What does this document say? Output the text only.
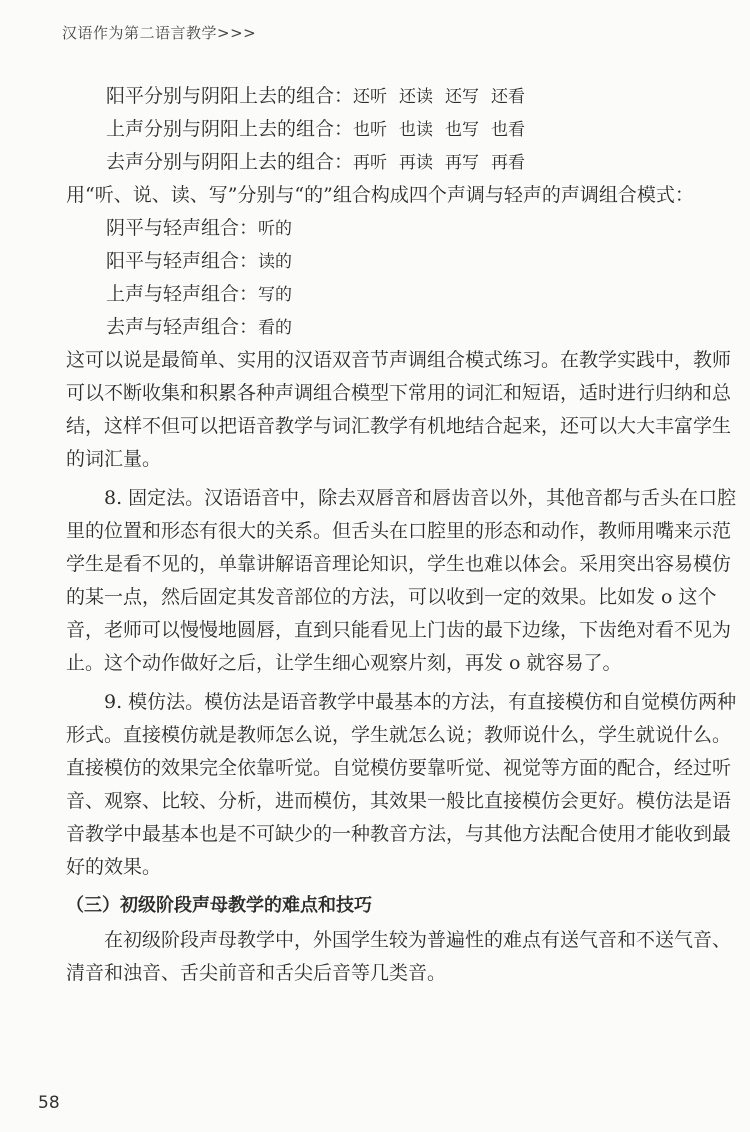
汉语作为第二语言教学>>>
阳平分别与阴阳上去的组合：还听 还读 还写 还看
上声分别与阴阳上去的组合：也听 也读 也写 也看
去声分别与阴阳上去的组合：再听 再读 再写 再看
用“听、说、读、写”分别与“的”组合构成四个声调与轻声的声调组合模式：
阴平与轻声组合：听的
阳平与轻声组合：读的
上声与轻声组合：写的
去声与轻声组合：看的
这可以说是最简单、实用的汉语双音节声调组合模式练习。在教学实践中，教师
可以不断收集和积累各种声调组合模型下常用的词汇和短语，适时进行归纳和总
结，这样不但可以把语音教学与词汇教学有机地结合起来，还可以大大丰富学生
的词汇量。
8. 固定法。汉语语音中，除去双唇音和唇齿音以外，其他音都与舌头在口腔
里的位置和形态有很大的关系。但舌头在口腔里的形态和动作，教师用嘴来示范
学生是看不见的，单靠讲解语音理论知识，学生也难以体会。采用突出容易模仿
的某一点，然后固定其发音部位的方法，可以收到一定的效果。比如发 o 这个
音，老师可以慢慢地圆唇，直到只能看见上门齿的最下边缘，下齿绝对看不见为
止。这个动作做好之后，让学生细心观察片刻，再发 o 就容易了。
9. 模仿法。模仿法是语音教学中最基本的方法，有直接模仿和自觉模仿两种
形式。直接模仿就是教师怎么说，学生就怎么说；教师说什么，学生就说什么。
直接模仿的效果完全依靠听觉。自觉模仿要靠听觉、视觉等方面的配合，经过听
音、观察、比较、分析，进而模仿，其效果一般比直接模仿会更好。模仿法是语
音教学中最基本也是不可缺少的一种教音方法，与其他方法配合使用才能收到最
好的效果。
（三）初级阶段声母教学的难点和技巧
在初级阶段声母教学中，外国学生较为普遍性的难点有送气音和不送气音、
清音和浊音、舌尖前音和舌尖后音等几类音。
58
